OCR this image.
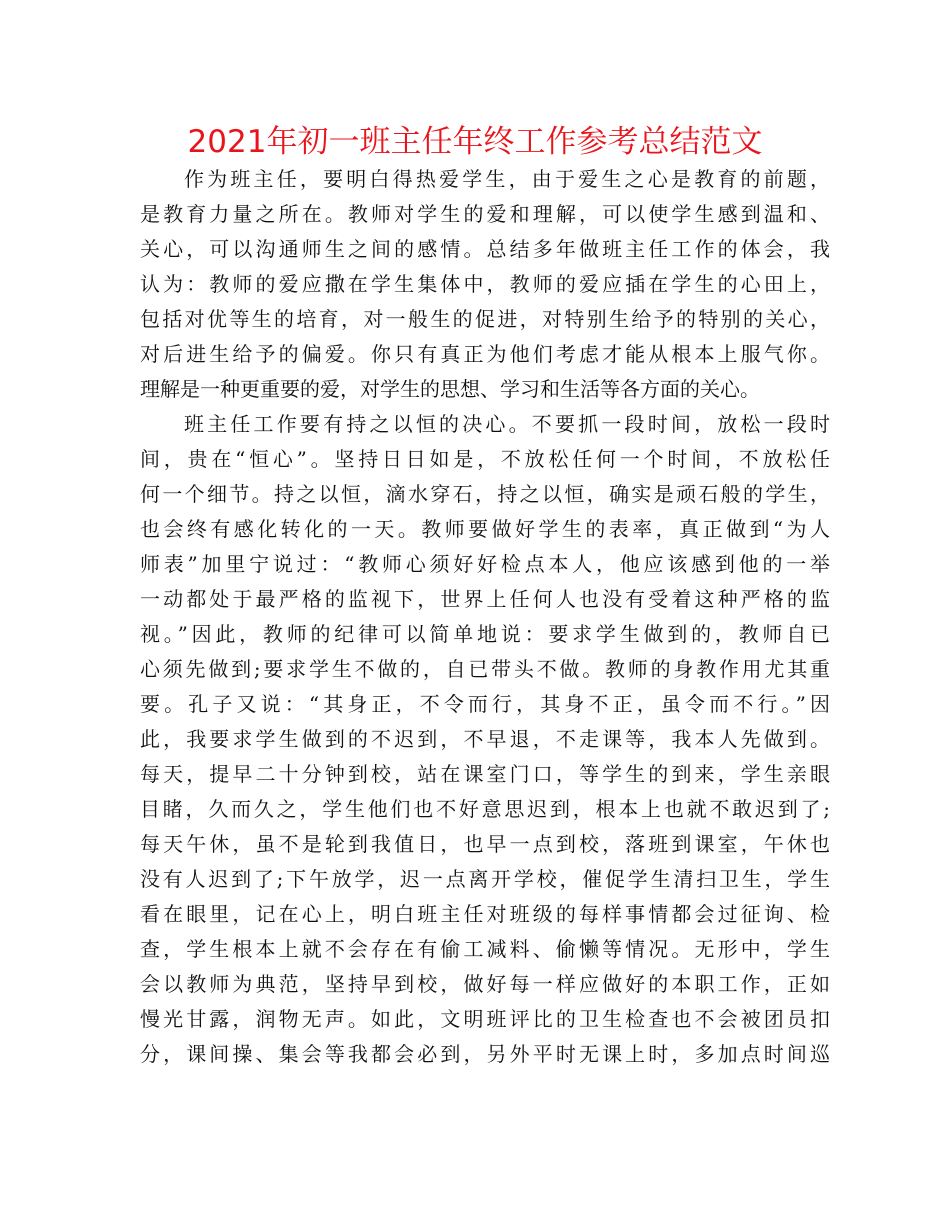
2021年初一班主任年终工作参考总结范文
作为班主任，要明白得热爱学生，由于爱生之心是教育的前题，
是教育力量之所在。教师对学生的爱和理解，可以使学生感到温和、
关心，可以沟通师生之间的感情。总结多年做班主任工作的体会，我
认为：教师的爱应撒在学生集体中，教师的爱应插在学生的心田上，
包括对优等生的培育，对一般生的促进，对特别生给予的特别的关心，
对后进生给予的偏爱。你只有真正为他们考虑才能从根本上服气你。
理解是一种更重要的爱，对学生的思想、学习和生活等各方面的关心。
班主任工作要有持之以恒的决心。不要抓一段时间，放松一段时
间，贵在“恒心”。坚持日日如是，不放松任何一个时间，不放松任
何一个细节。持之以恒，滴水穿石，持之以恒，确实是顽石般的学生，
也会终有感化转化的一天。教师要做好学生的表率，真正做到“为人
师表”加里宁说过：“教师心须好好检点本人，他应该感到他的一举
一动都处于最严格的监视下，世界上任何人也没有受着这种严格的监
视。”因此，教师的纪律可以简单地说：要求学生做到的，教师自已
心须先做到;要求学生不做的，自已带头不做。教师的身教作用尤其重
要。孔子又说：“其身正，不令而行，其身不正，虽令而不行。”因
此，我要求学生做到的不迟到，不早退，不走课等，我本人先做到。
每天，提早二十分钟到校，站在课室门口，等学生的到来，学生亲眼
目睹，久而久之，学生他们也不好意思迟到，根本上也就不敢迟到了;
每天午休，虽不是轮到我值日，也早一点到校，落班到课室，午休也
没有人迟到了;下午放学，迟一点离开学校，催促学生清扫卫生，学生
看在眼里，记在心上，明白班主任对班级的每样事情都会过征询、检
查，学生根本上就不会存在有偷工减料、偷懒等情况。无形中，学生
会以教师为典范，坚持早到校，做好每一样应做好的本职工作，正如
慢光甘露，润物无声。如此，文明班评比的卫生检查也不会被团员扣
分，课间操、集会等我都会必到，另外平时无课上时，多加点时间巡
